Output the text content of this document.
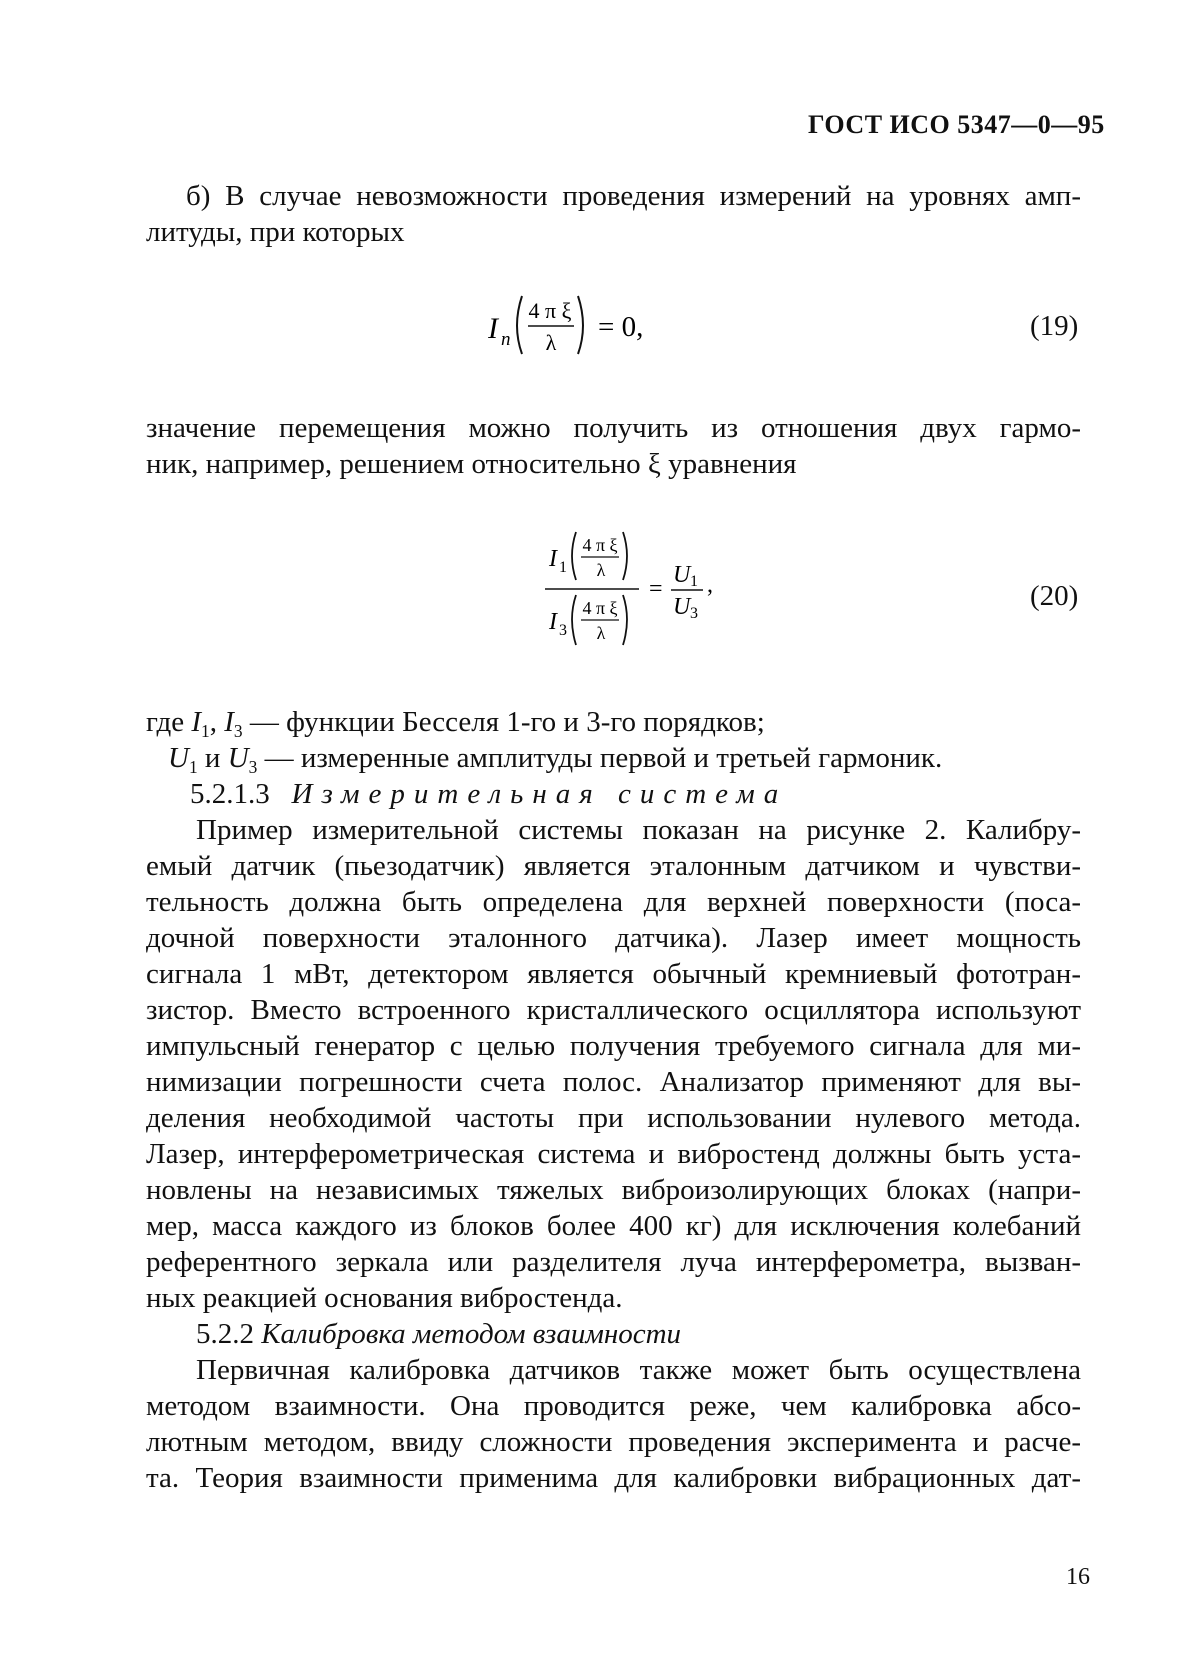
ГОСТ ИСО 5347—0—95
б) В случае невозможности проведения измерений на уровнях амп-
литуды, при которых
I n
4 π ξ
λ = 0,	(19)
значение перемещения можно получить из отношения двух гармо-
ник, например, решением относительно ξ уравнения
I 1
4 π ξ
λ
I 3
4 π ξ
λ
=
U 1
U 3
,	(20)
где $I_1$, $I_3$ — функции Бесселя 1-го и 3-го порядков;
$U_1$ и $U_3$ — измеренные амплитуды первой и третьей гармоник.
5.2.1.3 Измерительная система
Пример измерительной системы показан на рисунке 2. Калибру-
емый датчик (пьезодатчик) является эталонным датчиком и чувстви-
тельность должна быть определена для верхней поверхности (поса-
дочной поверхности эталонного датчика). Лазер имеет мощность
сигнала 1 мВт, детектором является обычный кремниевый фототран-
зистор. Вместо встроенного кристаллического осциллятора используют
импульсный генератор с целью получения требуемого сигнала для ми-
нимизации погрешности счета полос. Анализатор применяют для вы-
деления необходимой частоты при использовании нулевого метода.
Лазер, интерферометрическая система и вибростенд должны быть уста-
новлены на независимых тяжелых виброизолирующих блоках (напри-
мер, масса каждого из блоков более 400 кг) для исключения колебаний
референтного зеркала или разделителя луча интерферометра, вызван-
ных реакцией основания вибростенда.
5.2.2 Калибровка методом взаимности
Первичная калибровка датчиков также может быть осуществлена
методом взаимности. Она проводится реже, чем калибровка абсо-
лютным методом, ввиду сложности проведения эксперимента и расче-
та. Теория взаимности применима для калибровки вибрационных дат-
16
